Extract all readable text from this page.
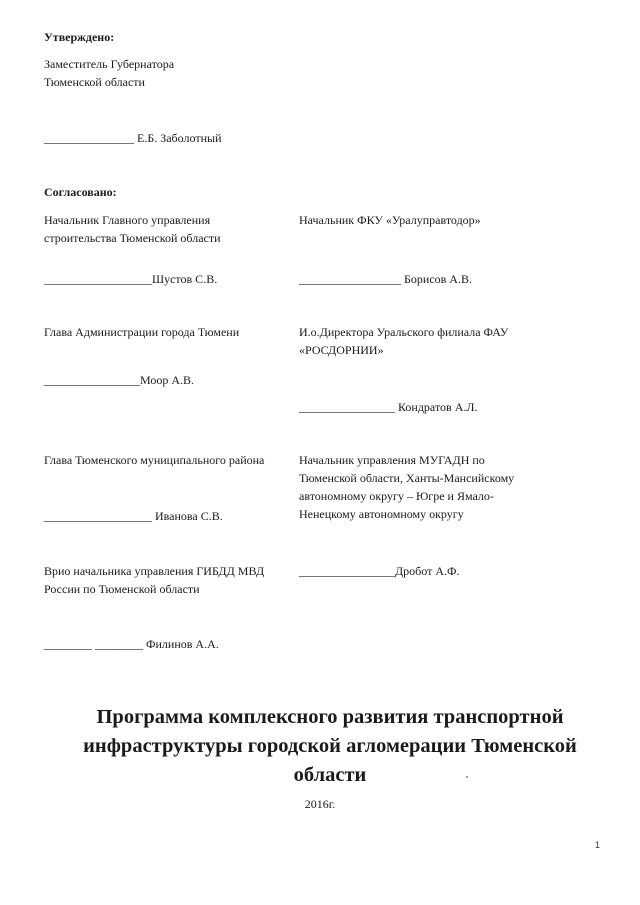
Утверждено:
Заместитель Губернатора
Тюменской области
_______________ Е.Б. Заболотный
Согласовано:
Начальник Главного управления
строительства Тюменской области
__________________Шустов С.В.
Глава Администрации города Тюмени
________________Моор А.В.
Глава Тюменского муниципального района
__________________ Иванова С.В.
Врио начальника управления ГИБДД МВД
России по Тюменской области
________ ________ Филинов А.А.
Начальник ФКУ «Уралуправтодор»
_________________ Борисов А.В.
И.о.Директора Уральского филиала ФАУ
«РОСДОРНИИ»
________________ Кондратов А.Л.
Начальник управления МУГАДН по
Тюменской области, Ханты-Мансийскому
автономному округу – Югре и Ямало-
Ненецкому автономному округу
________________Дробот А.Ф.
Программа комплексного развития транспортной
инфраструктуры городской агломерации Тюменской
области
2016г.
1
